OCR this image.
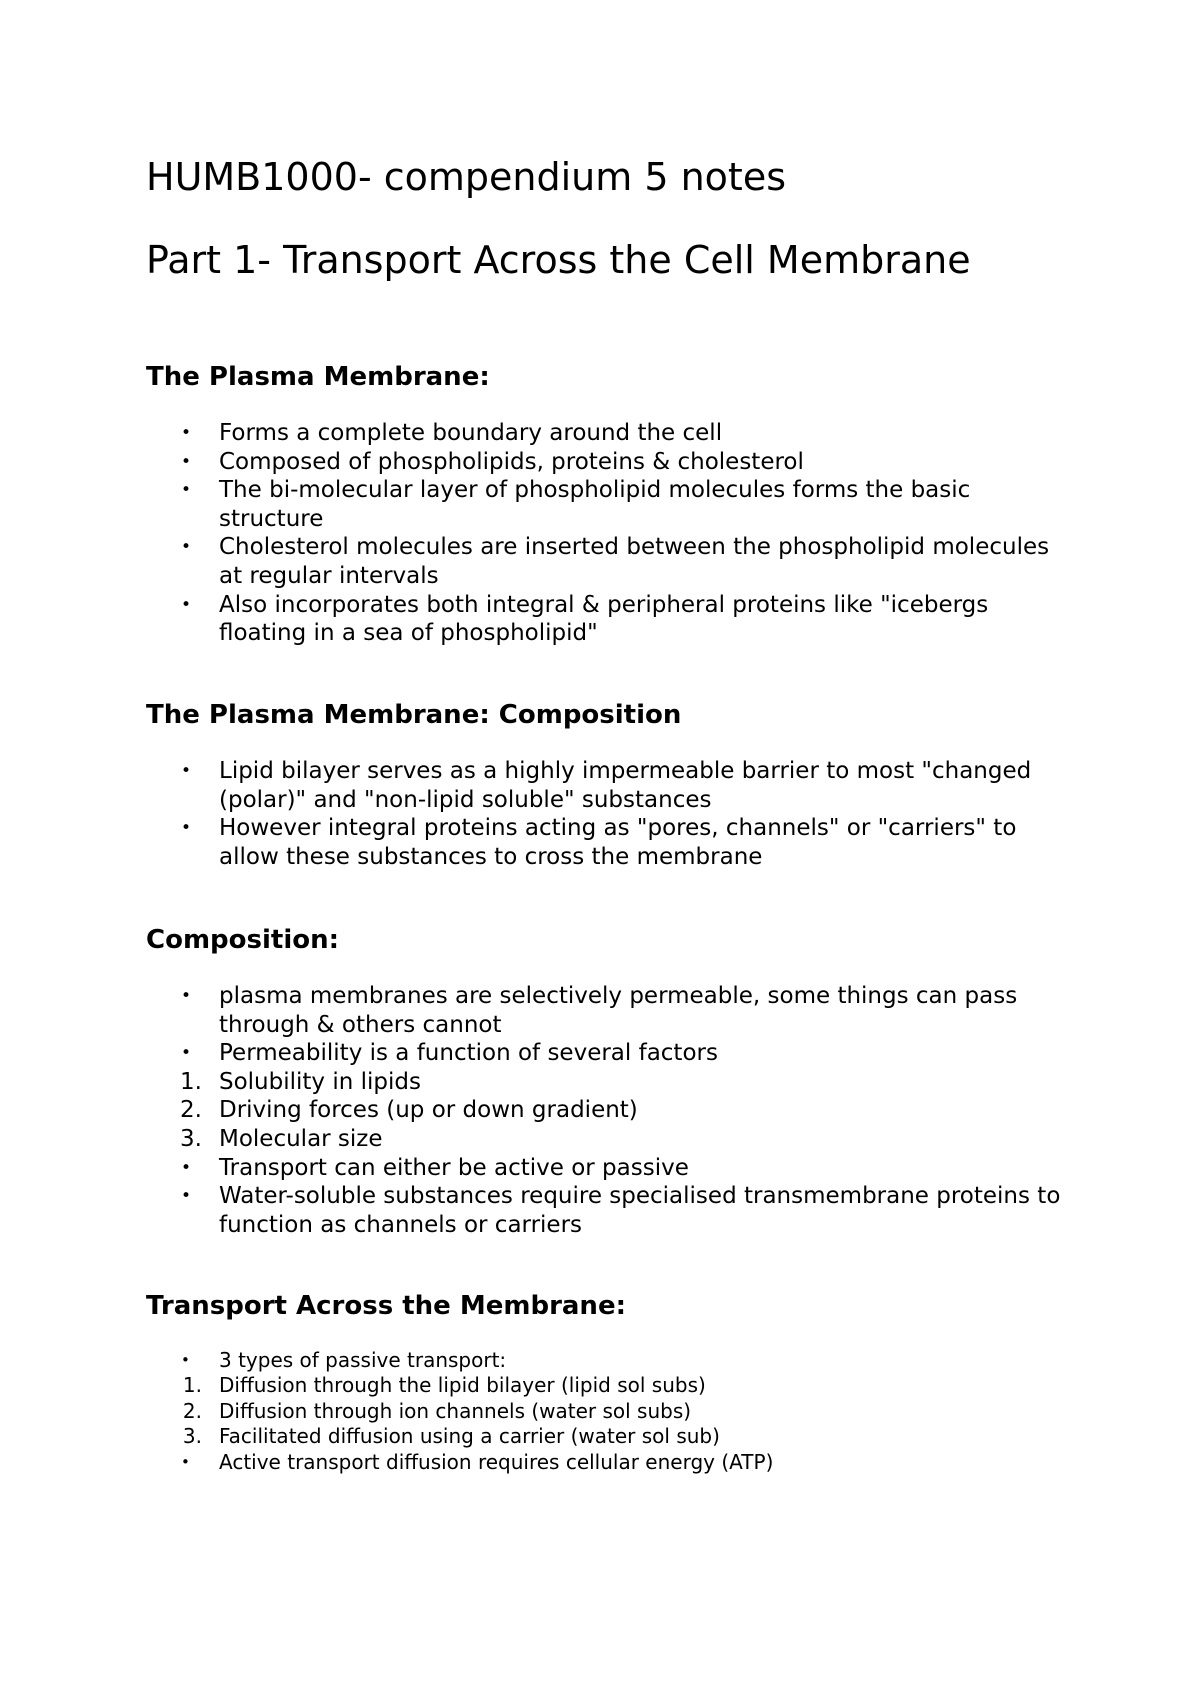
HUMB1000- compendium 5 notes
Part 1- Transport Across the Cell Membrane
The Plasma Membrane:
•	Forms a complete boundary around the cell
•	Composed of phospholipids, proteins & cholesterol
•	The bi-molecular layer of phospholipid molecules forms the basic structure
•	Cholesterol molecules are inserted between the phospholipid molecules at regular intervals
•	Also incorporates both integral & peripheral proteins like "icebergs floating in a sea of phospholipid"
The Plasma Membrane: Composition
•	Lipid bilayer serves as a highly impermeable barrier to most "changed (polar)" and "non-lipid soluble" substances
•	However integral proteins acting as "pores, channels" or "carriers" to allow these substances to cross the membrane
Composition:
•	plasma membranes are selectively permeable, some things can pass through & others cannot
•	Permeability is a function of several factors
1. Solubility in lipids
2. Driving forces (up or down gradient)
3. Molecular size
•	Transport can either be active or passive
•	Water-soluble substances require specialised transmembrane proteins to function as channels or carriers
Transport Across the Membrane:
•	3 types of passive transport:
1. Diffusion through the lipid bilayer (lipid sol subs)
2. Diffusion through ion channels (water sol subs)
3. Facilitated diffusion using a carrier (water sol sub)
•	Active transport diffusion requires cellular energy (ATP)
